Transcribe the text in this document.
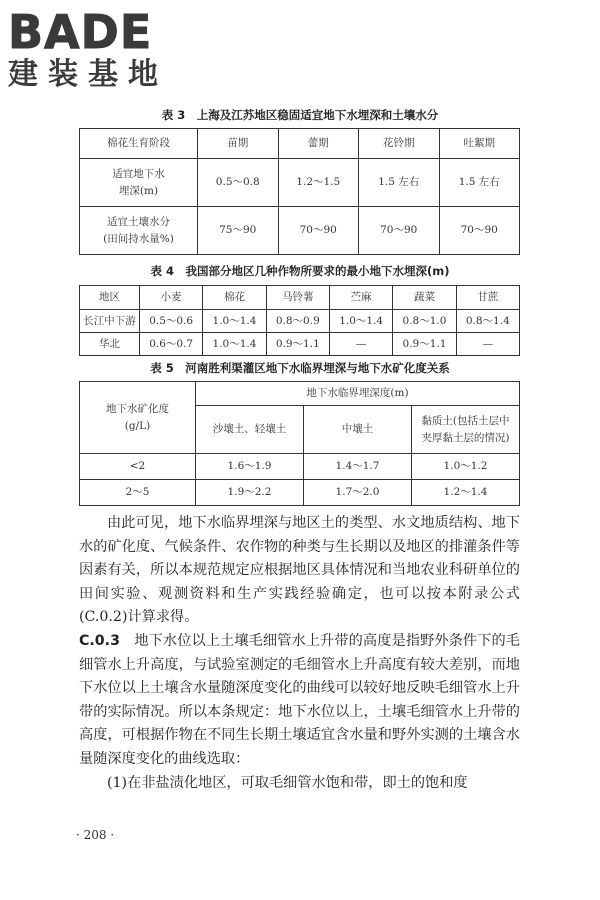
BADE
建装基地
表 3　上海及江苏地区稳固适宜地下水埋深和土壤水分
棉花生育阶段	苗期	蕾期	花铃期	吐絮期
适宜地下水
埋深(m)	0.5～0.8	1.2～1.5	1.5 左右	1.5 左右
适宜土壤水分
(田间持水量%)	75～90	70～90	70～90	70～90
表 4　我国部分地区几种作物所要求的最小地下水埋深(m)
地区	小麦	棉花	马铃薯	苎麻	蔬菜	甘蔗
长江中下游	0.5～0.6	1.0～1.4	0.8～0.9	1.0～1.4	0.8～1.0	0.8～1.4
华北	0.6～0.7	1.0～1.4	0.9～1.1	—	0.9～1.1	—
表 5　河南胜利渠灌区地下水临界埋深与地下水矿化度关系
地下水矿化度
(g/L)	地下水临界埋深度(m)		
	沙壤土、轻壤土	中壤土	黏质土(包括土层中
夹厚黏土层的情况)
<2	1.6～1.9	1.4～1.7	1.0～1.2
2～5	1.9～2.2	1.7～2.0	1.2～1.4
由此可见，地下水临界埋深与地区土的类型、水文地质结构、地下水的矿化度、气候条件、农作物的种类与生长期以及地区的排灌条件等因素有关，所以本规范规定应根据地区具体情况和当地农业科研单位的田间实验、观测资料和生产实践经验确定，也可以按本附录公式(C.0.2)计算求得。
C.0.3　 地下水位以上土壤毛细管水上升带的高度是指野外条件下的毛细管水上升高度，与试验室测定的毛细管水上升高度有较大差别，而地下水位以上土壤含水量随深度变化的曲线可以较好地反映毛细管水上升带的实际情况。所以本条规定：地下水位以上，土壤毛细管水上升带的高度，可根据作物在不同生长期土壤适宜含水量和野外实测的土壤含水量随深度变化的曲线选取：
(1)在非盐渍化地区，可取毛细管水饱和带，即土的饱和度
· 208 ·
